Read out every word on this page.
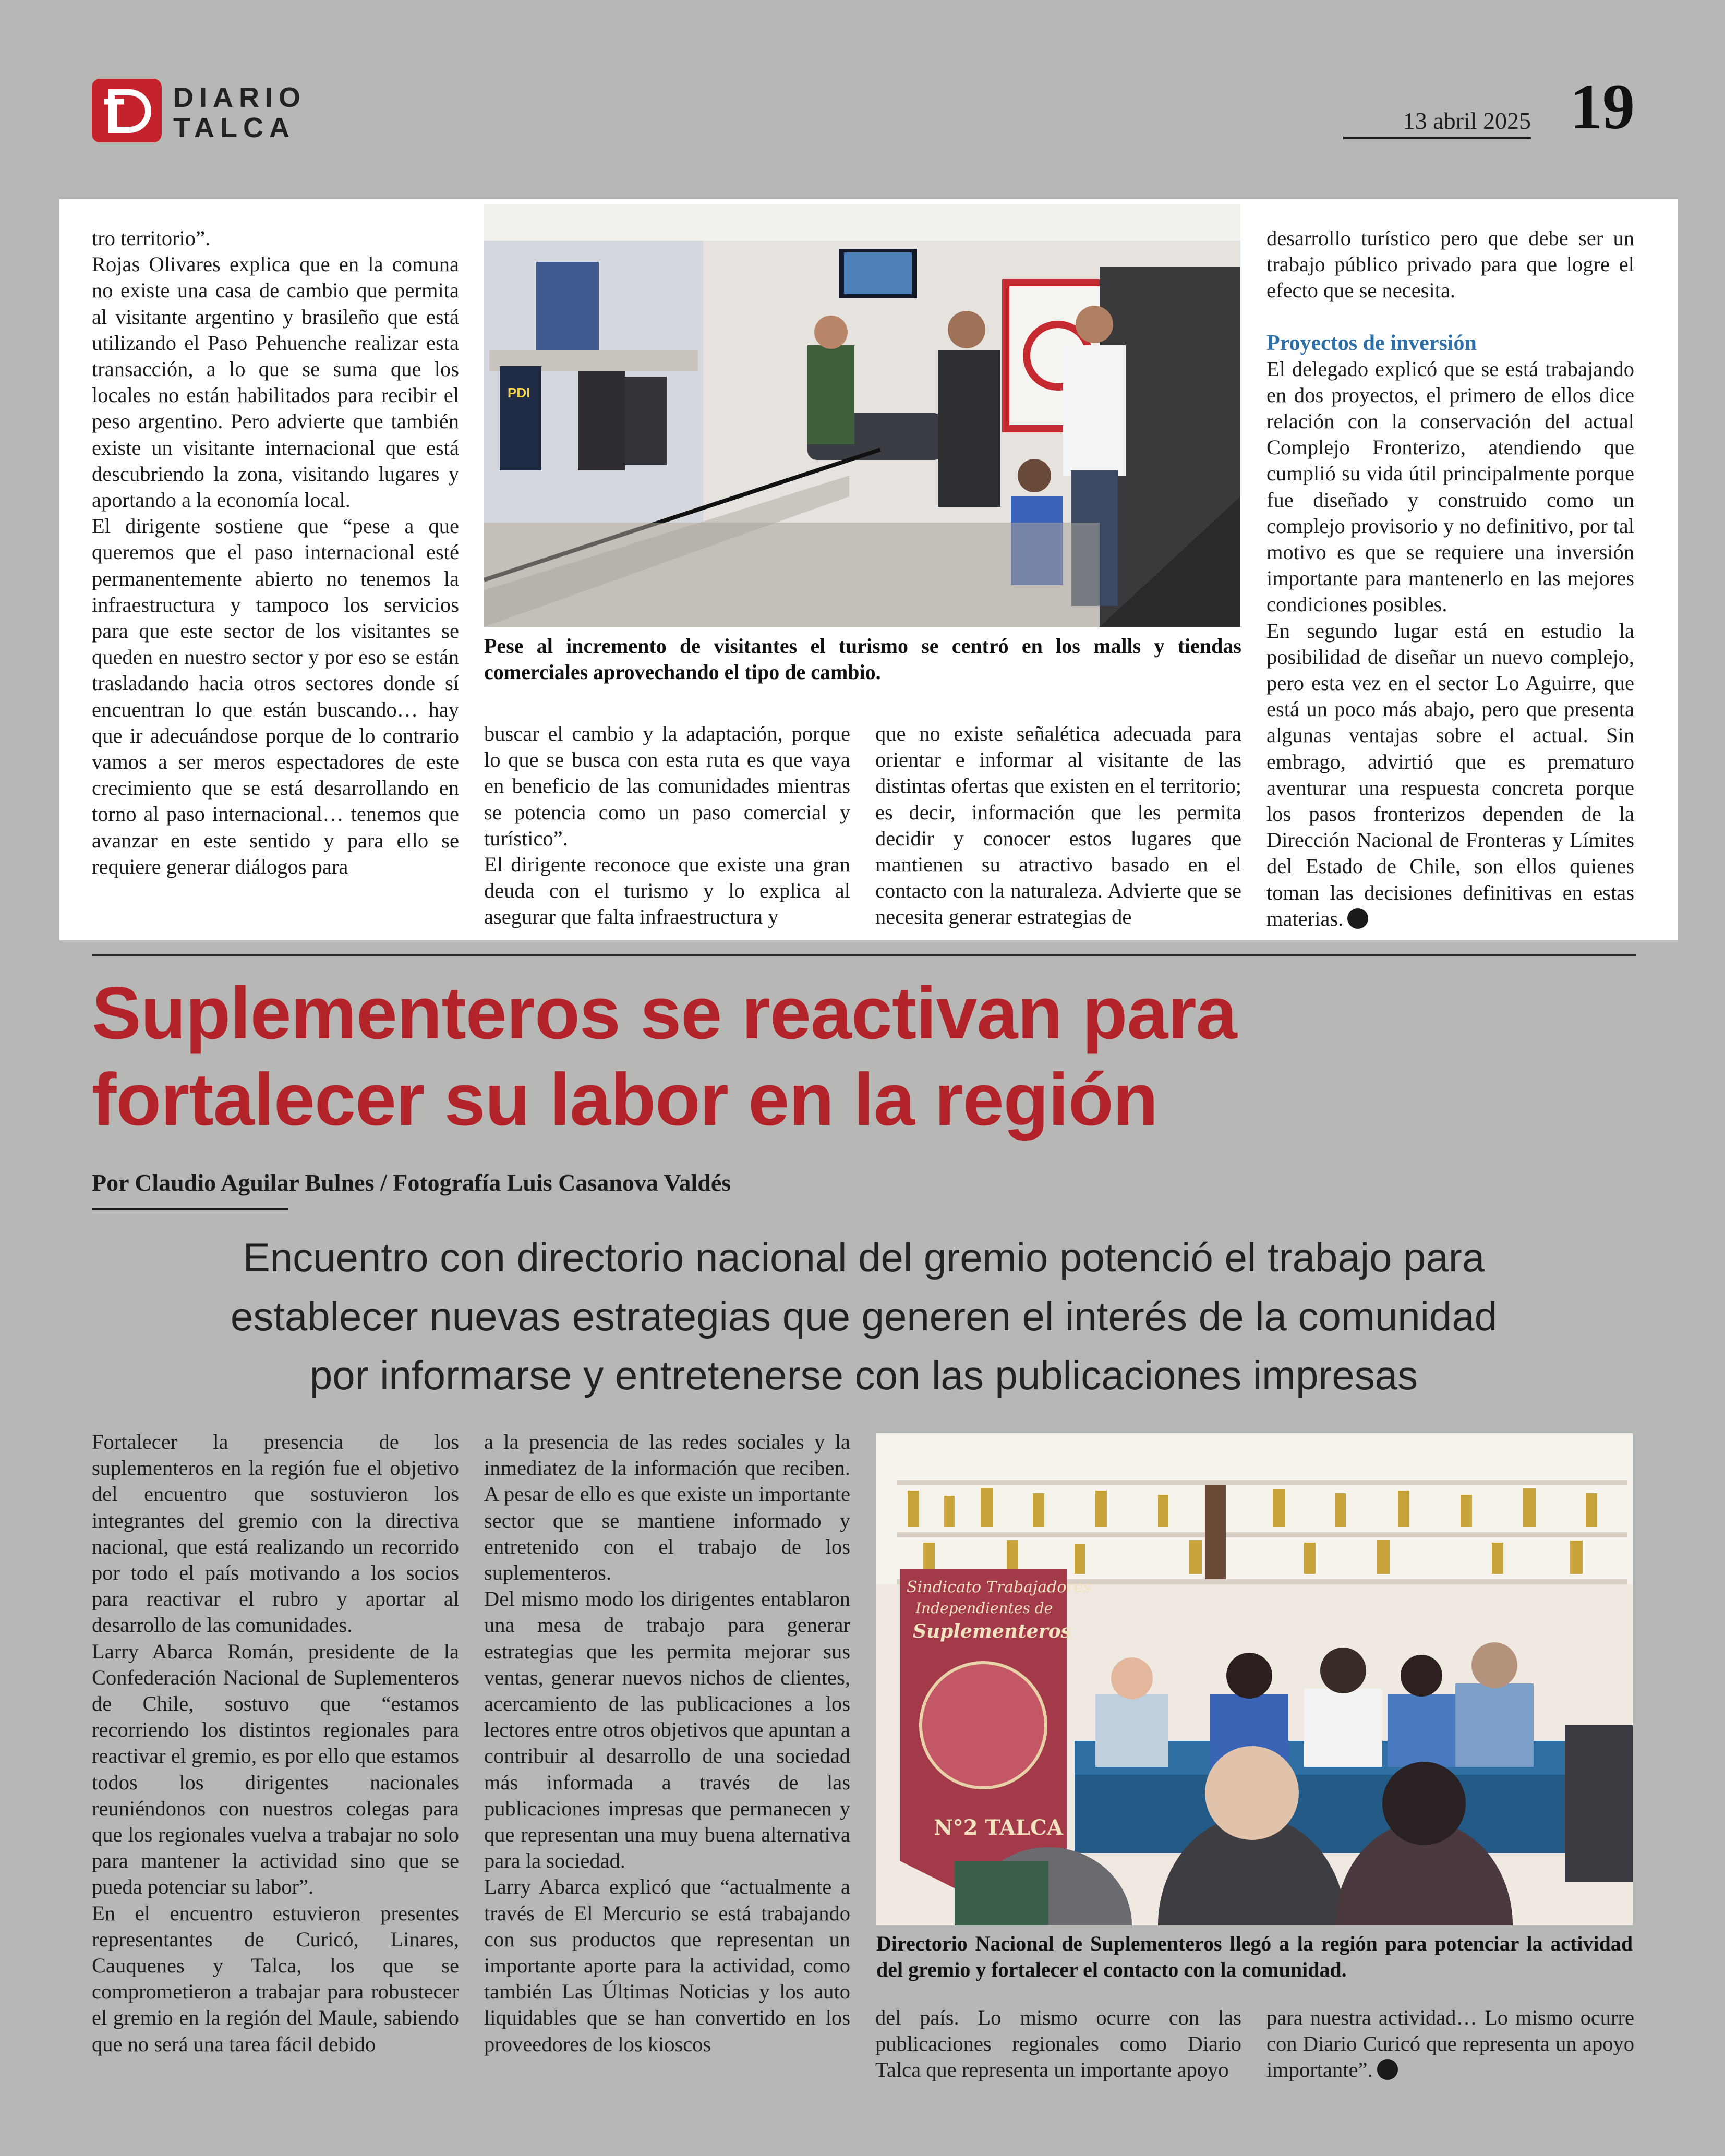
DIARIO
TALCA	13 abril 2025 19

tro territorio”.

Rojas Olivares explica que en la comuna no existe una casa de cambio que permita al visitante argentino y brasileño que está utilizando el Paso Pehuenche realizar esta transacción, a lo que se suma que los locales no están habilitados para recibir el peso argentino. Pero advierte que también existe un visitante internacional que está descubriendo la zona, visitando lugares y aportando a la economía local.

El dirigente sostiene que “pese a que queremos que el paso internacional esté permanentemente abierto no tenemos la infraestructura y tampoco los servicios para que este sector de los visitantes se queden en nuestro sector y por eso se están trasladando hacia otros sectores donde sí encuentran lo que están buscando… hay que ir adecuándose porque de lo contrario vamos a ser meros espectadores de este crecimiento que se está desarrollando en torno al paso internacional… tenemos que avanzar en este sentido y para ello se requiere generar diálogos para

PDI
Pese al incremento de visitantes el turismo se centró en los malls y tiendas comerciales aprovechando el tipo de cambio.

buscar el cambio y la adaptación, porque lo que se busca con esta ruta es que vaya en beneficio de las comunidades mientras se potencia como un paso comercial y turístico”.

El dirigente reconoce que existe una gran deuda con el turismo y lo explica al asegurar que falta infraestructura y

que no existe señalética adecuada para orientar e informar al visitante de las distintas ofertas que existen en el territorio; es decir, información que les permita decidir y conocer estos lugares que mantienen su atractivo basado en el contacto con la naturaleza. Advierte que se necesita generar estrategias de

desarrollo turístico pero que debe ser un trabajo público privado para que logre el efecto que se necesita.

Proyectos de inversión

El delegado explicó que se está trabajando en dos proyectos, el primero de ellos dice relación con la conservación del actual Complejo Fronterizo, atendiendo que cumplió su vida útil principalmente porque fue diseñado y construido como un complejo provisorio y no definitivo, por tal motivo es que se requiere una inversión importante para mantenerlo en las mejores condiciones posibles.

En segundo lugar está en estudio la posibilidad de diseñar un nuevo complejo, pero esta vez en el sector Lo Aguirre, que está un poco más abajo, pero que presenta algunas ventajas sobre el actual. Sin embrago, advirtió que es prematuro aventurar una respuesta concreta porque los pasos fronterizos dependen de la Dirección Nacional de Fronteras y Límites del Estado de Chile, son ellos quienes toman las decisiones definitivas en estas materias.

Suplementeros se reactivan para
fortalecer su labor en la región
Por Claudio Aguilar Bulnes / Fotografía Luis Casanova Valdés
Encuentro con directorio nacional del gremio potenció el trabajo para
establecer nuevas estrategias que generen el interés de la comunidad
por informarse y entretenerse con las publicaciones impresas

Fortalecer la presencia de los suplementeros en la región fue el objetivo del encuentro que sostuvieron los integrantes del gremio con la directiva nacional, que está realizando un recorrido por todo el país motivando a los socios para reactivar el rubro y aportar al desarrollo de las comunidades.

Larry Abarca Román, presidente de la Confederación Nacional de Suplementeros de Chile, sostuvo que “estamos recorriendo los distintos regionales para reactivar el gremio, es por ello que estamos todos los dirigentes nacionales reuniéndonos con nuestros colegas para que los regionales vuelva a trabajar no solo para mantener la actividad sino que se pueda potenciar su labor”.

En el encuentro estuvieron presentes representantes de Curicó, Linares, Cauquenes y Talca, los que se comprometieron a trabajar para robustecer el gremio en la región del Maule, sabiendo que no será una tarea fácil debido

a la presencia de las redes sociales y la inmediatez de la información que reciben. A pesar de ello es que existe un importante sector que se mantiene informado y entretenido con el trabajo de los suplementeros.

Del mismo modo los dirigentes entablaron una mesa de trabajo para generar estrategias que les permita mejorar sus ventas, generar nuevos nichos de clientes, acercamiento de las publicaciones a los lectores entre otros objetivos que apuntan a contribuir al desarrollo de una sociedad más informada a través de las publicaciones impresas que permanecen y que representan una muy buena alternativa para la sociedad.

Larry Abarca explicó que “actualmente a través de El Mercurio se está trabajando con sus productos que representan un importante aporte para la actividad, como también Las Últimas Noticias y los auto liquidables que se han convertido en los proveedores de los kioscos

Sindicato Trabajadores
Independientes de
Suplementeros
N°2 TALCA
Directorio Nacional de Suplementeros llegó a la región para potenciar la actividad del gremio y fortalecer el contacto con la comunidad.

del país. Lo mismo ocurre con las publicaciones regionales como Diario Talca que representa un importante apoyo

para nuestra actividad… Lo mismo ocurre con Diario Curicó que representa un apoyo importante”.
